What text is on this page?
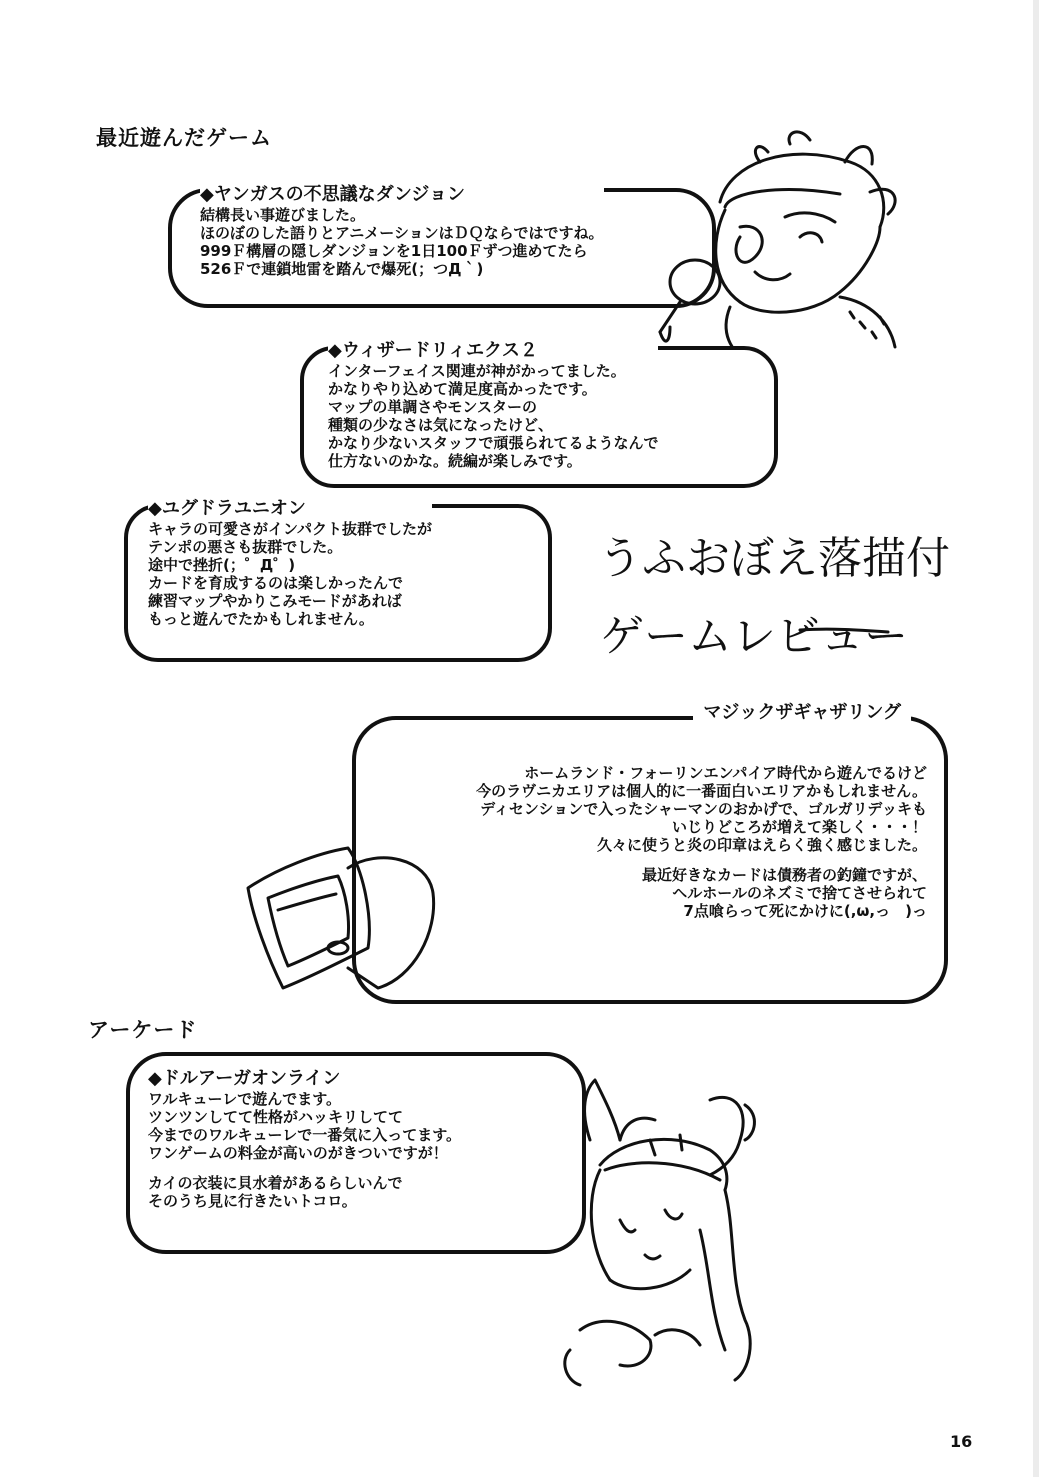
最近遊んだゲーム
◆ヤンガスの不思議なダンジョン
結構長い事遊びました。
ほのぼのした語りとアニメーションはＤＱならではですね。
999Ｆ構層の隠しダンジョンを1日100Ｆずつ進めてたら
526Ｆで連鎖地雷を踏んで爆死(；つД｀)
◆ウィザードリィエクス２
インターフェイス関連が神がかってました。
かなりやり込めて満足度高かったです。
マップの単調さやモンスターの
種類の少なさは気になったけど、
かなり少ないスタッフで頑張られてるようなんで
仕方ないのかな。続編が楽しみです。
◆ユグドラユニオン
キャラの可愛さがインパクト抜群でしたが
テンポの悪さも抜群でした。
途中で挫折(；゜Д゜)
カードを育成するのは楽しかったんで
練習マップやかりこみモードがあれば
もっと遊んでたかもしれません。
うふおぼえ落描付
ゲームレビュー
マジックザギャザリング
ホームランド・フォーリンエンパイア時代から遊んでるけど
今のラヴニカエリアは個人的に一番面白いエリアかもしれません。
ディセンションで入ったシャーマンのおかげで、ゴルガリデッキも
いじりどころが増えて楽しく・・・！
久々に使うと炎の印章はえらく強く感じました。
最近好きなカードは債務者の釣鐘ですが、
ヘルホールのネズミで捨てさせられて
7点喰らって死にかけに(,ω,っ　)っ
アーケード
◆ドルアーガオンライン
ワルキューレで遊んでます。
ツンツンしてて性格がハッキリしてて
今までのワルキューレで一番気に入ってます。
ワンゲームの料金が高いのがきついですが！
カイの衣装に貝水着があるらしいんで
そのうち見に行きたいトコロ。
16
